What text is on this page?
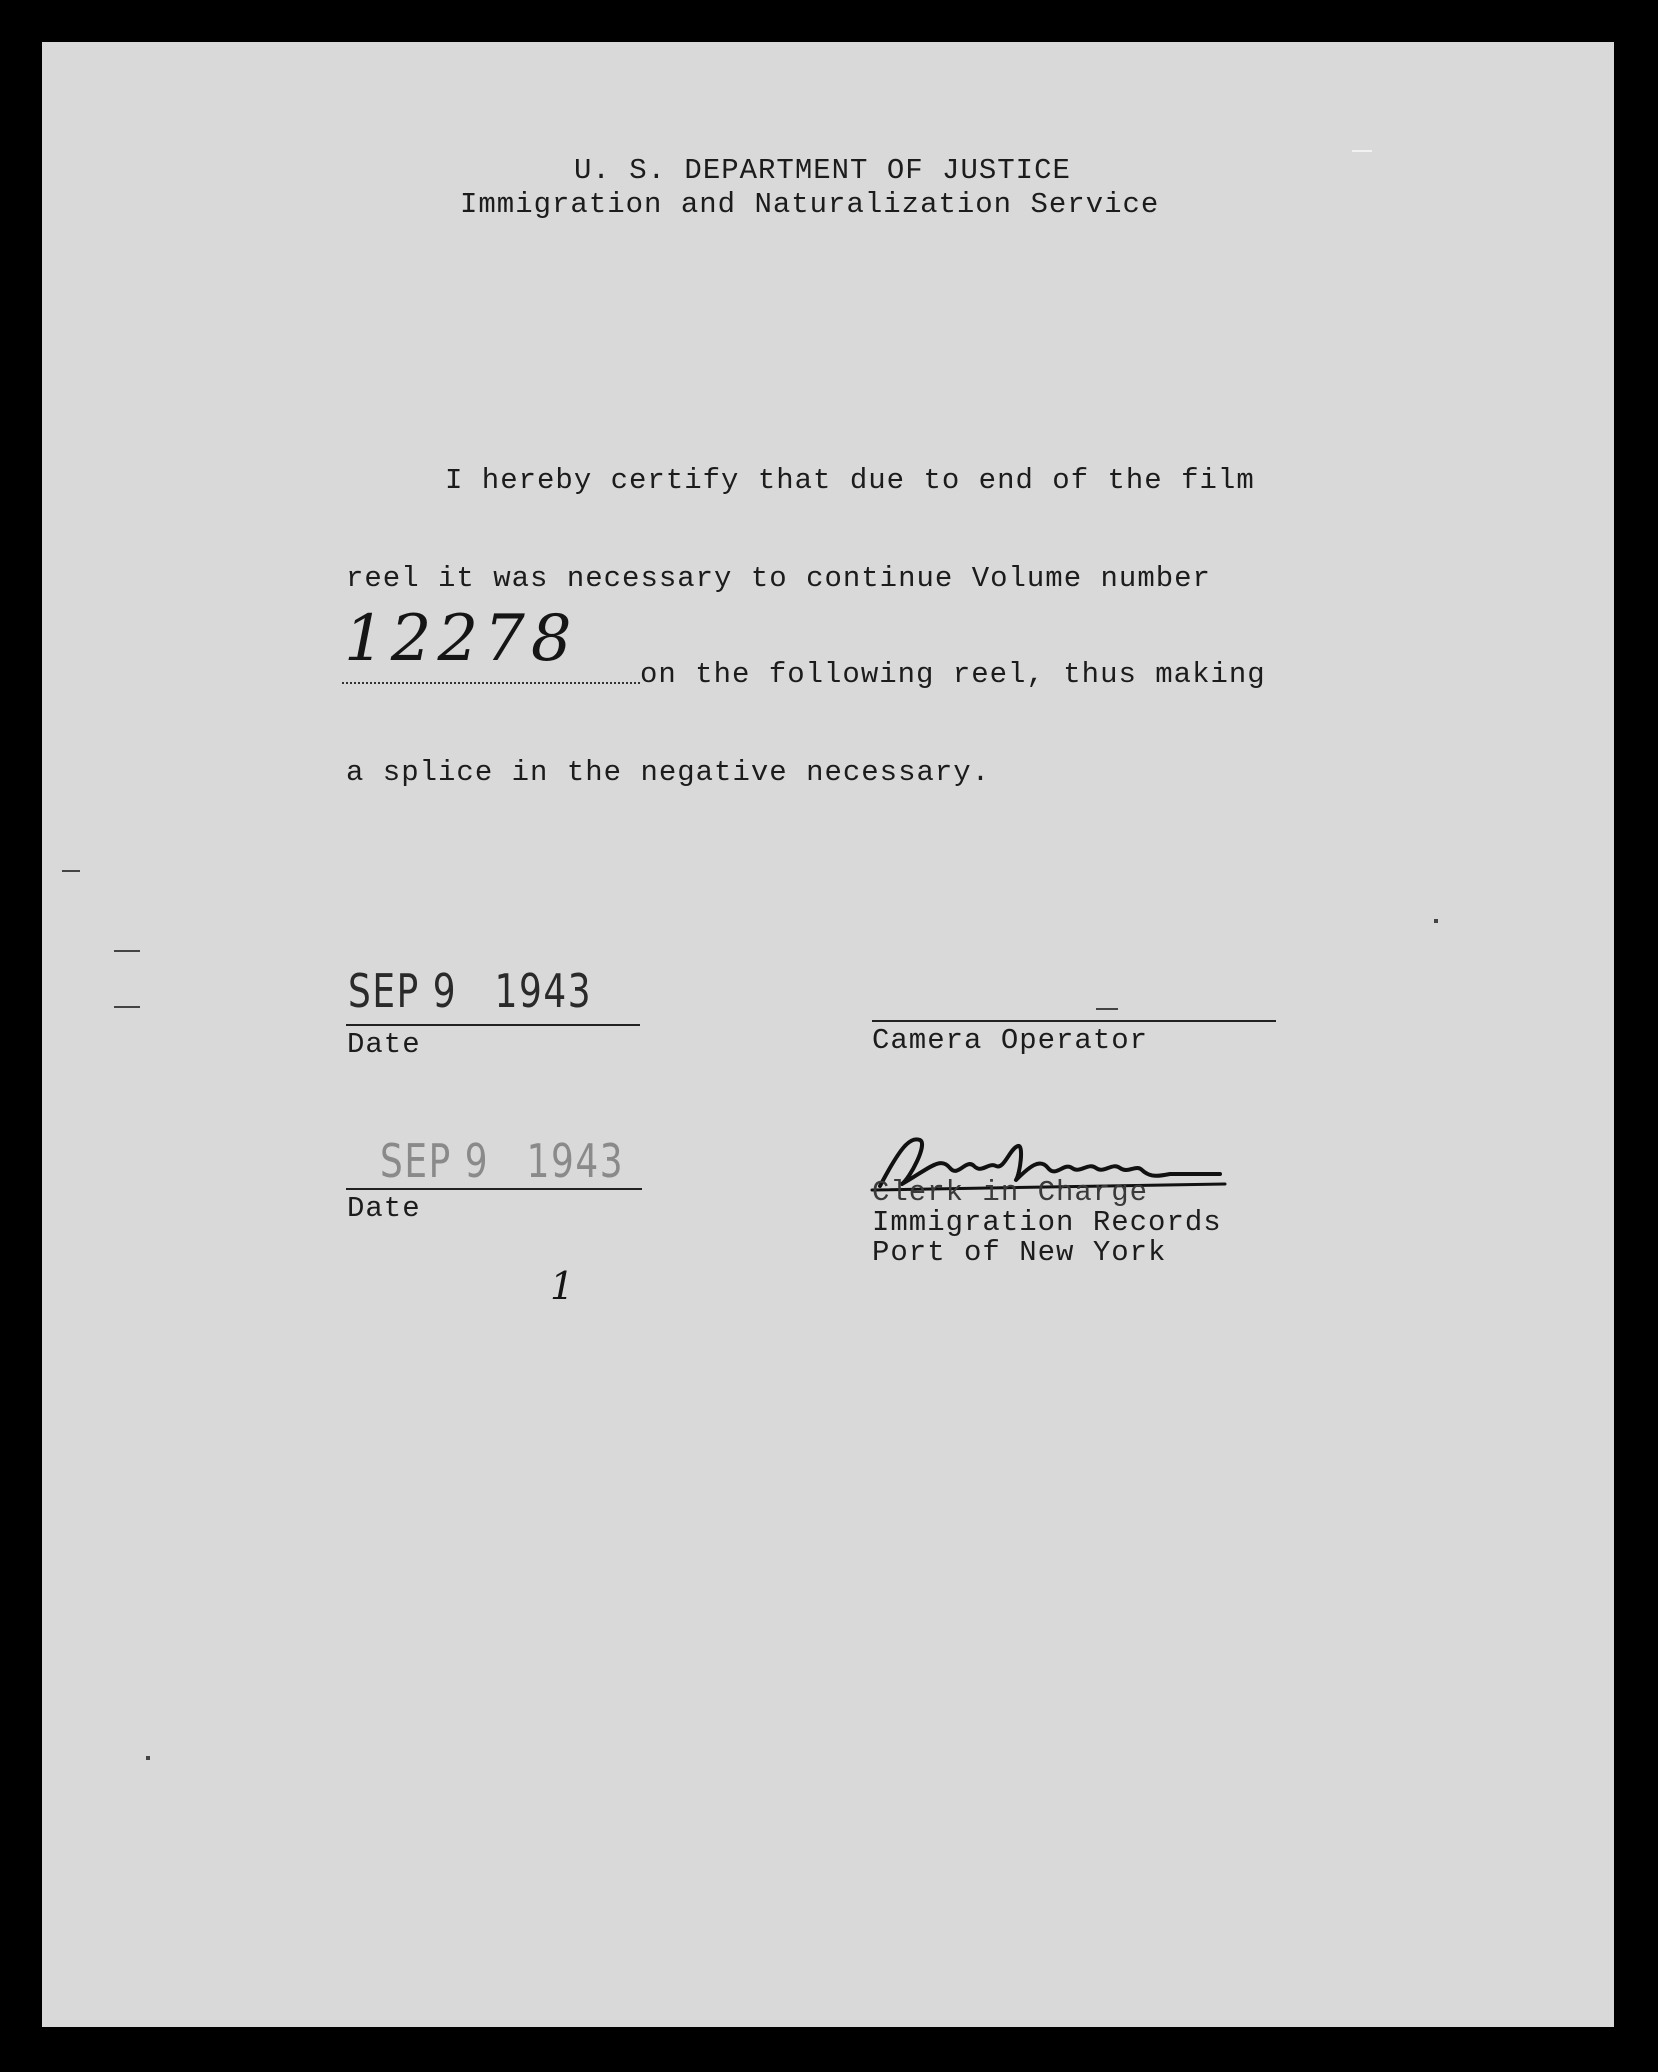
U. S. DEPARTMENT OF JUSTICE
Immigration and Naturalization Service
I hereby certify that due to end of the film
reel it was necessary to continue Volume number
12278 on the following reel, thus making
a splice in the negative necessary.
SEP 9 1943
Date	Camera Operator
SEP 9 1943
Date	Clerk in Charge
Immigration Records
Port of New York
1
